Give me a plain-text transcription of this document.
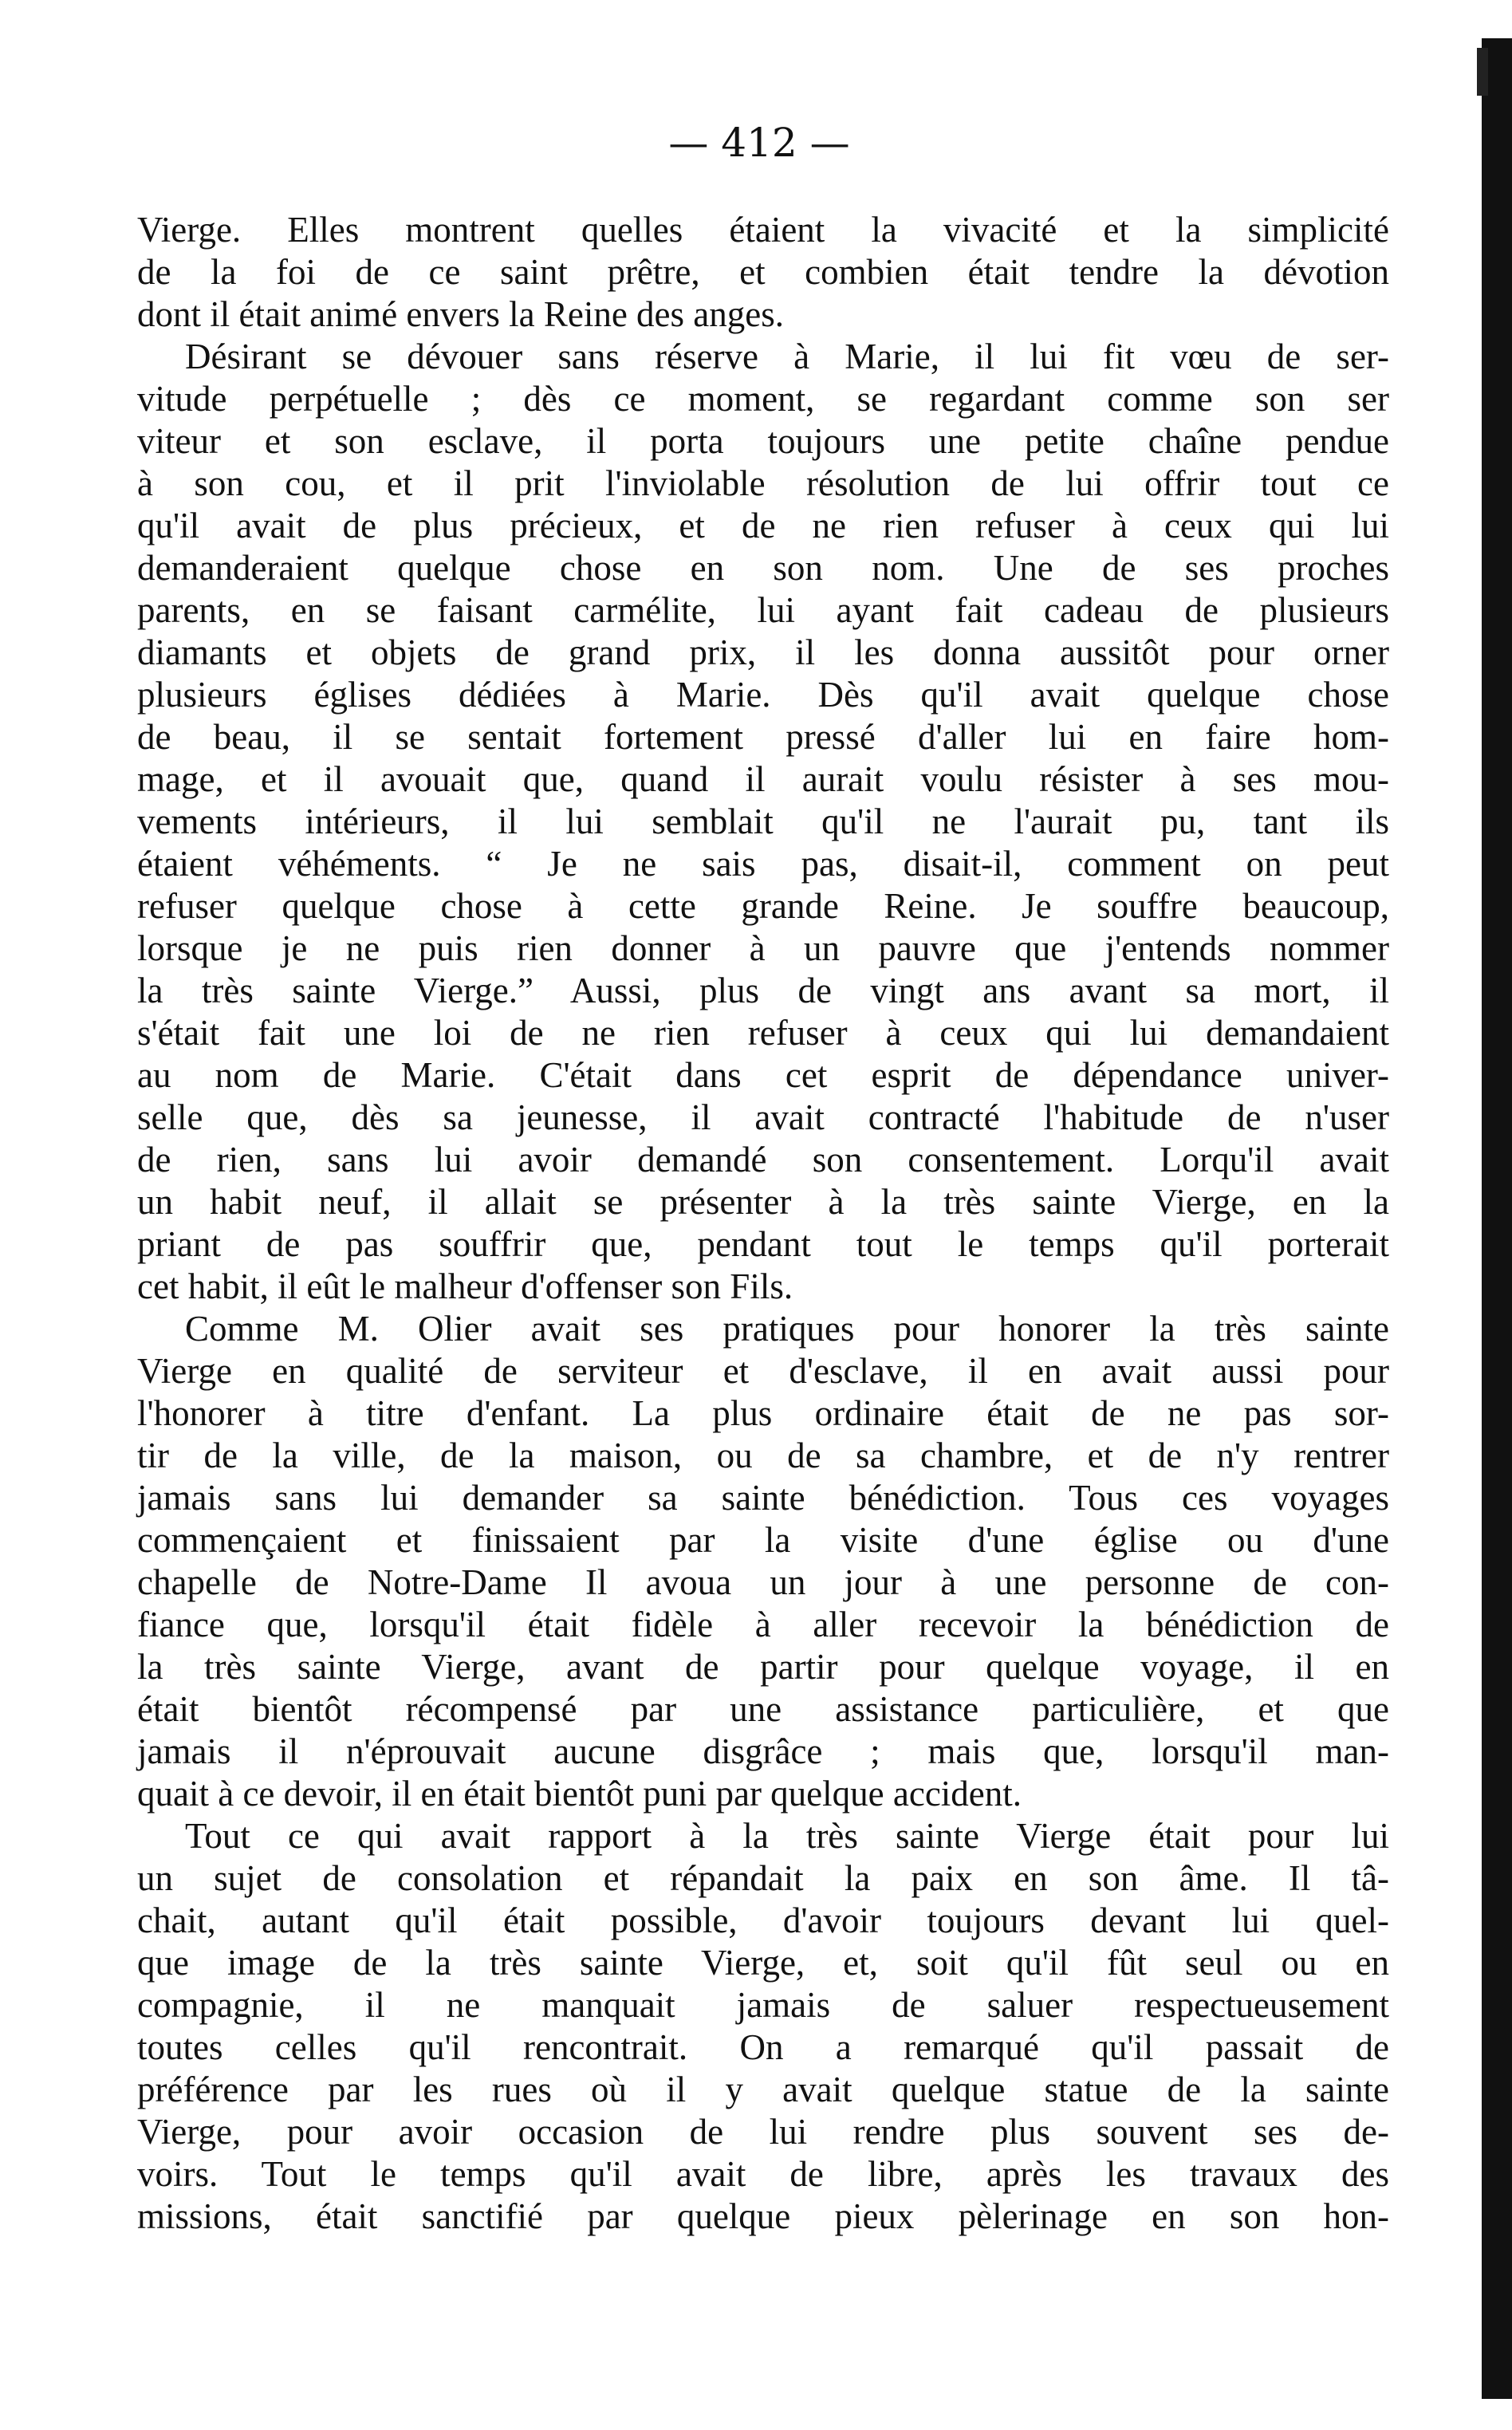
— 412 —
Vierge. Elles montrent quelles étaient la vivacité et la simplicité
de la foi de ce saint prêtre, et combien était tendre la dévotion
dont il était animé envers la Reine des anges.
Désirant se dévouer sans réserve à Marie, il lui fit vœu de ser-
vitude perpétuelle ; dès ce moment, se regardant comme son ser
viteur et son esclave, il porta toujours une petite chaîne pendue
à son cou, et il prit l'inviolable résolution de lui offrir tout ce
qu'il avait de plus précieux, et de ne rien refuser à ceux qui lui
demanderaient quelque chose en son nom. Une de ses proches
parents, en se faisant carmélite, lui ayant fait cadeau de plusieurs
diamants et objets de grand prix, il les donna aussitôt pour orner
plusieurs églises dédiées à Marie. Dès qu'il avait quelque chose
de beau, il se sentait fortement pressé d'aller lui en faire hom-
mage, et il avouait que, quand il aurait voulu résister à ses mou-
vements intérieurs, il lui semblait qu'il ne l'aurait pu, tant ils
étaient véhéments. “ Je ne sais pas, disait-il, comment on peut
refuser quelque chose à cette grande Reine. Je souffre beaucoup,
lorsque je ne puis rien donner à un pauvre que j'entends nommer
la très sainte Vierge.” Aussi, plus de vingt ans avant sa mort, il
s'était fait une loi de ne rien refuser à ceux qui lui demandaient
au nom de Marie. C'était dans cet esprit de dépendance univer-
selle que, dès sa jeunesse, il avait contracté l'habitude de n'user
de rien, sans lui avoir demandé son consentement. Lorqu'il avait
un habit neuf, il allait se présenter à la très sainte Vierge, en la
priant de pas souffrir que, pendant tout le temps qu'il porterait
cet habit, il eût le malheur d'offenser son Fils.
Comme M. Olier avait ses pratiques pour honorer la très sainte
Vierge en qualité de serviteur et d'esclave, il en avait aussi pour
l'honorer à titre d'enfant. La plus ordinaire était de ne pas sor-
tir de la ville, de la maison, ou de sa chambre, et de n'y rentrer
jamais sans lui demander sa sainte bénédiction. Tous ces voyages
commençaient et finissaient par la visite d'une église ou d'une
chapelle de Notre-Dame Il avoua un jour à une personne de con-
fiance que, lorsqu'il était fidèle à aller recevoir la bénédiction de
la très sainte Vierge, avant de partir pour quelque voyage, il en
était bientôt récompensé par une assistance particulière, et que
jamais il n'éprouvait aucune disgrâce ; mais que, lorsqu'il man-
quait à ce devoir, il en était bientôt puni par quelque accident.
Tout ce qui avait rapport à la très sainte Vierge était pour lui
un sujet de consolation et répandait la paix en son âme. Il tâ-
chait, autant qu'il était possible, d'avoir toujours devant lui quel-
que image de la très sainte Vierge, et, soit qu'il fût seul ou en
compagnie, il ne manquait jamais de saluer respectueusement
toutes celles qu'il rencontrait. On a remarqué qu'il passait de
préférence par les rues où il y avait quelque statue de la sainte
Vierge, pour avoir occasion de lui rendre plus souvent ses de-
voirs. Tout le temps qu'il avait de libre, après les travaux des
missions, était sanctifié par quelque pieux pèlerinage en son hon-
